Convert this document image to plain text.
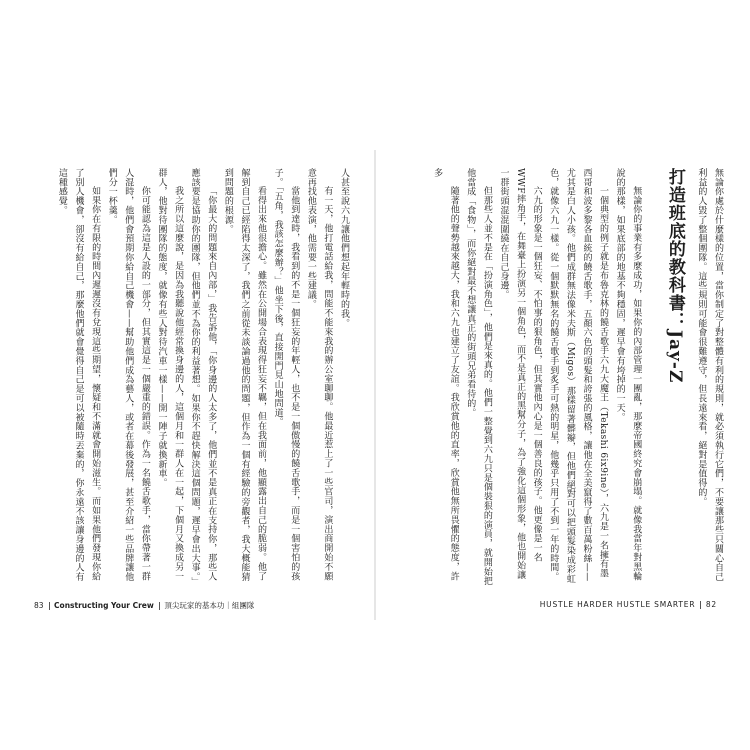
無論你處於什麼樣的位置，當你制定了對整體有利的規則，就必須執行它們，不要讓那些只關心自己利益的人毀了整個團隊。這些規則可能會很難遵守，但長遠來看，絕對是值得的。

打造班底的教科書：Jay-Z

無論你的事業有多麼成功，如果你的內部管理一團亂，那麼帝國終究會崩塌。就像我當年對黑輪說的那樣，如果底部的地基不夠穩固，遲早會有垮掉的一天。

一個典型的例子就是布魯克林的饒舌歌手六九大魔王（Tekashi 6ix9ine），六九是一名擁有墨西哥和波多黎各血統的饒舌歌手，五顏六色的頭髮和誇張的風格，讓他在全美竄得了數百萬粉絲——尤其是白人小孩。他們成群無法像米夫斯（Migos）那樣留著髒辮，但他們絕對可以把頭髮染成彩虹色，就像六九一樣。從一個默默無名的饒舌歌手到炙手可熱的明星，他幾乎只用了不到一年的時間。

六九的形象是一個狂妄、不怕事的狠角色，但其實他內心是一個善良的孩子。他更像是一名WWF摔角手，在舞臺上扮演另一個角色，而不是真正的黑幫分子，為了強化這個形象，他也開始讓一群街頭混混圍繞在自己身邊。

但那些人並不是在「扮演角色」，他們是來真的。他們一整覺到六九只是個裝狠的演員，就開始把他當成「食物」，而你絕對最不想讓真正的街頭兄弟看待的。

隨著他的聲勢越來越大，我和六九也建立了友誼。我欣賞他的直率，欣賞他無所畏懼的態度，許多

人甚至說六九讓他們想起年輕時的我。

有一天，他打電話給我，問能不能來我的辦公室聊聊。他最近惹上了一些官司，演出商開始不願意再找他表演，他需要一些建議。

當他到達時，我看到的不是一個狂妄的年輕人，也不是一個傲慢的饒舌歌手，而是一個害怕的孩子。「五角，我該怎麼辦？」他坐下後，直接開門見山地問道。

看得出來他很擔心。雖然在公開場合表現得狂妄不羈，但在我面前，他顯露出自己的脆弱。他了解到自己已經陷得太深了，我們之前從未談論過他的問題，但作為一個有經驗的旁觀者，我大概能猜到問題的根源。

「你最大的問題來自內部，」我告訴他，「你身邊的人太多了，他們並不是真正在支持你，那些人應該要是協助你的團隊，但他們並不為你的利益著想。如果你不趕快解決這個問題，遲早會出大事。」

我之所以這麼說，是因為我聽說他經常換身邊的人，這個月和一群人在一起，下個月又換成另一群人，他對待團隊的態度，就像有些人對待汽車一樣——開一陣子就換新車。

你可能認為這是人設的一部分，但其實這是一個嚴重的錯誤。作為一名饒舌歌手，當你帶著一群人混時，他們會預期你給自己機會——幫助他們成為藝人，或者在幕後發展，甚至介紹一些品牌讓他們分一杯羹。

如果你在有限的時間內遲遲沒有兌現這些期望，懷疑和不滿就會開始滋生。而如果他們發現你給了別人機會，卻沒有給自己，那麼他們就會覺得自己是可以被隨時丟棄的，你永遠不該讓身邊的人有這種感覺。

83 Constructing Your Crew 頂尖玩家的基本功｜組團隊	HUSTLE HARDER HUSTLE SMARTER 82
